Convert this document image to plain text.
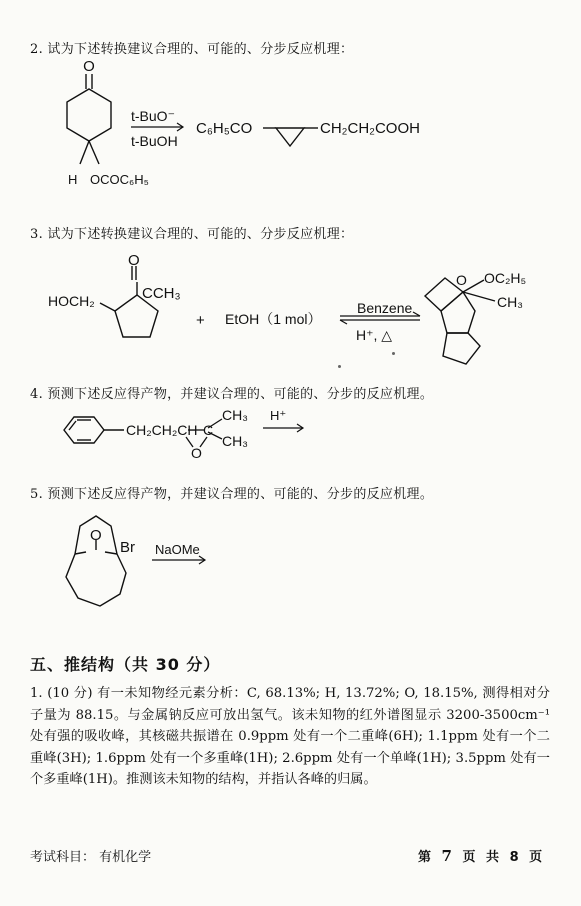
2. 试为下述转换建议合理的、可能的、分步反应机理：
O
H OCOC₆H₅
t-BuO⁻
t-BuOH
C₆H₅CO	CH₂CH₂COOH
3. 试为下述转换建议合理的、可能的、分步反应机理：
O
CCH₃
HOCH₂
+ EtOH（1 mol）
Benzene
H⁺, △
O OC₂H₅
CH₃
4. 预测下述反应得产物，并建议合理的、可能的、分步的反应机理。
CH₂CH₂CH C
CH₃
CH₃
O
H⁺
5. 预测下述反应得产物，并建议合理的、可能的、分步的反应机理。
O
Br NaOMe
五、推结构（共 30 分）
1. (10 分) 有一未知物经元素分析：C, 68.13%; H, 13.72%; O, 18.15%, 测得相对分子量为 88.15。与金属钠反应可放出氢气。该未知物的红外谱图显示 3200-3500cm⁻¹ 处有强的吸收峰，其核磁共振谱在 0.9ppm 处有一个二重峰(6H); 1.1ppm 处有一个二重峰(3H); 1.6ppm 处有一个多重峰(1H); 2.6ppm 处有一个单峰(1H); 3.5ppm 处有一个多重峰(1H)。推测该未知物的结构，并指认各峰的归属。
考试科目： 有机化学	第 7 页 共 8 页
